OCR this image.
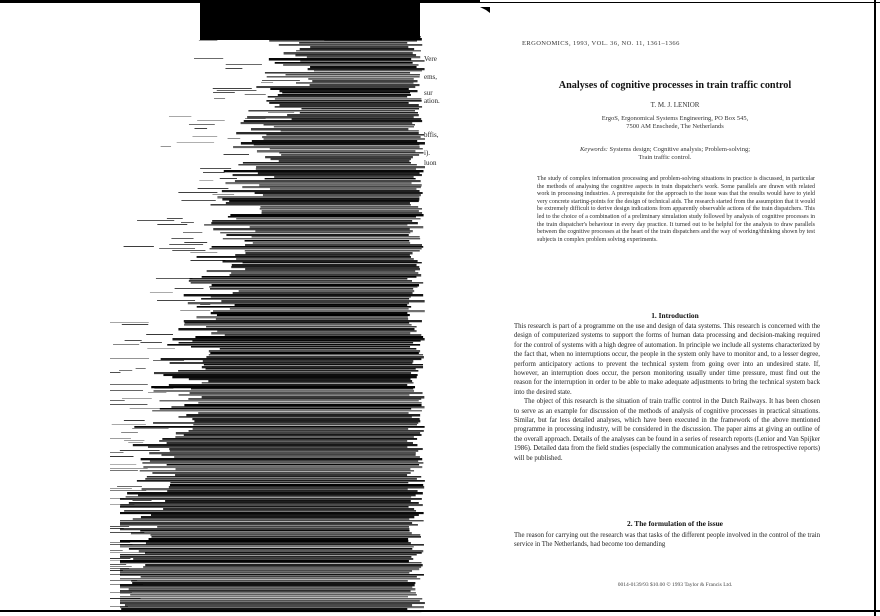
Vere
ems,
sur
ation.
bffis,
i).
luon
ERGONOMICS, 1993, VOL. 36, NO. 11, 1361–1366
Analyses of cognitive processes in train traffic control
T. M. J. LENIOR
ErgoS, Ergonomical Systems Engineering, PO Box 545,
7500 AM Enschede, The Netherlands
Keywords: Systems design; Cognitive analysis; Problem-solving;
Train traffic control.
The study of complex information processing and problem-solving situations in practice is discussed, in particular the methods of analysing the cognitive aspects in train dispatcher's work. Some parallels are drawn with related work in processing industries. A prerequisite for the approach to the issue was that the results would have to yield very concrete starting-points for the design of technical aids. The research started from the assumption that it would be extremely difficult to derive design indications from apparently observable actions of the train dispatchers. This led to the choice of a combination of a preliminary simulation study followed by analysis of cognitive processes in the train dispatcher's behaviour in every day practice. It turned out to be helpful for the analysis to draw parallels between the cognitive processes at the heart of the train dispatchers and the way of working/thinking shown by test subjects in complex problem solving experiments.
1. Introduction

This research is part of a programme on the use and design of data systems. This research is concerned with the design of computerized systems to support the forms of human data processing and decision-making required for the control of systems with a high degree of automation. In principle we include all systems characterized by the fact that, when no interruptions occur, the people in the system only have to monitor and, to a lesser degree, perform anticipatory actions to prevent the technical system from going over into an undesired state. If, however, an interruption does occur, the person monitoring usually under time pressure, must find out the reason for the interruption in order to be able to make adequate adjustments to bring the technical system back into the desired state.

The object of this research is the situation of train traffic control in the Dutch Railways. It has been chosen to serve as an example for discussion of the methods of analysis of cognitive processes in practical situations. Similar, but far less detailed analyses, which have been executed in the framework of the above mentioned programme in processing industry, will be considered in the discussion. The paper aims at giving an outline of the overall approach. Details of the analyses can be found in a series of research reports (Lenior and Van Spijker 1986). Detailed data from the field studies (especially the communication analyses and the retrospective reports) will be published.

2. The formulation of the issue

The reason for carrying out the research was that tasks of the different people involved in the control of the train service in The Netherlands, had become too demanding

0014-0139/93 $10.00 © 1993 Taylor & Francis Ltd.
